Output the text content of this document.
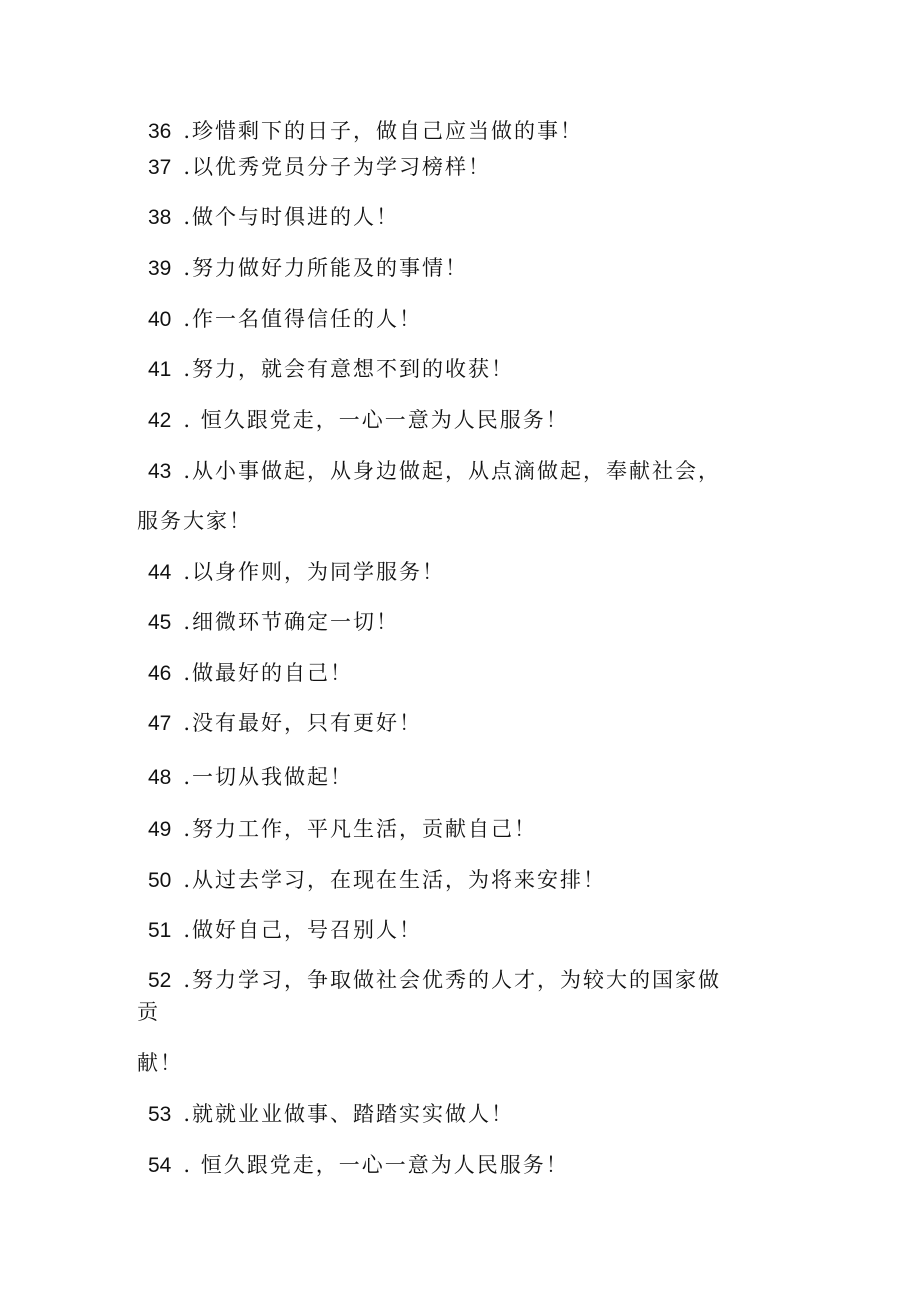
36 .珍惜剩下的日子，做自己应当做的事！
37 .以优秀党员分子为学习榜样！
38 .做个与时俱进的人！
39 .努力做好力所能及的事情！
40 .作一名值得信任的人！
41 .努力，就会有意想不到的收获！
42 . 恒久跟党走，一心一意为人民服务！
43 .从小事做起，从身边做起，从点滴做起，奉献社会，
服务大家！
44 .以身作则，为同学服务！
45 .细微环节确定一切！
46 .做最好的自己！
47 .没有最好，只有更好！
48 .一切从我做起！
49 .努力工作，平凡生活，贡献自己！
50 .从过去学习，在现在生活，为将来安排！
51 .做好自己，号召别人！
52 .努力学习，争取做社会优秀的人才，为较大的国家做
贡
献！
53 .就就业业做事、踏踏实实做人！
54 . 恒久跟党走，一心一意为人民服务！
